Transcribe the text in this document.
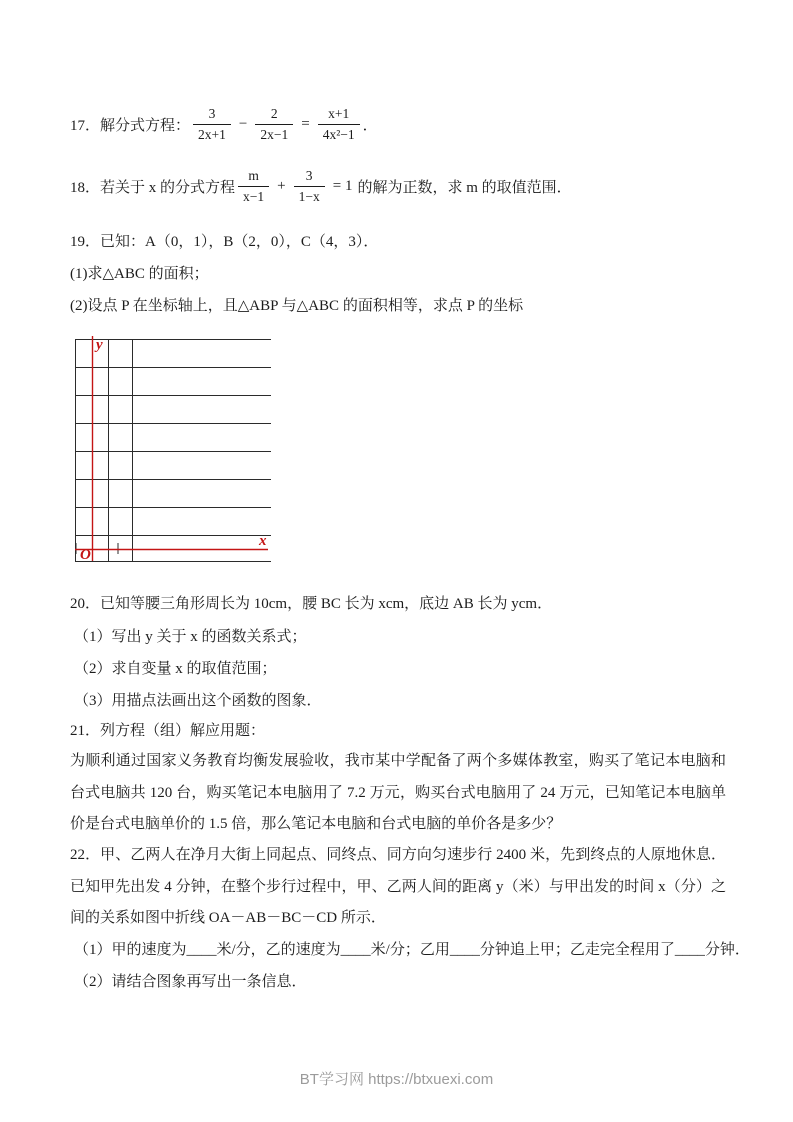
17．解分式方程： $\frac{3}{2x+1} - \frac{2}{2x-1} = \frac{x+1}{\text{4x²−1}}$ ．
18．若关于 x 的分式方程 $\frac{m}{x-1} + \frac{3}{1-x} = 1$ 的解为正数，求 m 的取值范围．
19．已知：A（0，1），B（2，0），C（4，3）．
(1)求△ABC 的面积；
(2)设点 P 在坐标轴上，且△ABP 与△ABC 的面积相等，求点 P 的坐标
y
x
O
20．已知等腰三角形周长为 10cm，腰 BC 长为 xcm，底边 AB 长为 ycm．
（1）写出 y 关于 x 的函数关系式；
（2）求自变量 x 的取值范围；
（3）用描点法画出这个函数的图象．
21．列方程（组）解应用题：
为顺利通过国家义务教育均衡发展验收，我市某中学配备了两个多媒体教室，购买了笔记本电脑和台式电脑共 120 台，购买笔记本电脑用了 7.2 万元，购买台式电脑用了 24 万元，已知笔记本电脑单价是台式电脑单价的 1.5 倍，那么笔记本电脑和台式电脑的单价各是多少？
22．甲、乙两人在净月大街上同起点、同终点、同方向匀速步行 2400 米，先到终点的人原地休息．已知甲先出发 4 分钟，在整个步行过程中，甲、乙两人间的距离 y（米）与甲出发的时间 x（分）之间的关系如图中折线 OA－AB－BC－CD 所示．
（1）甲的速度为____米/分，乙的速度为____米/分；乙用____分钟追上甲；乙走完全程用了____分钟．
（2）请结合图象再写出一条信息．
BT学习网 https://btxuexi.com
